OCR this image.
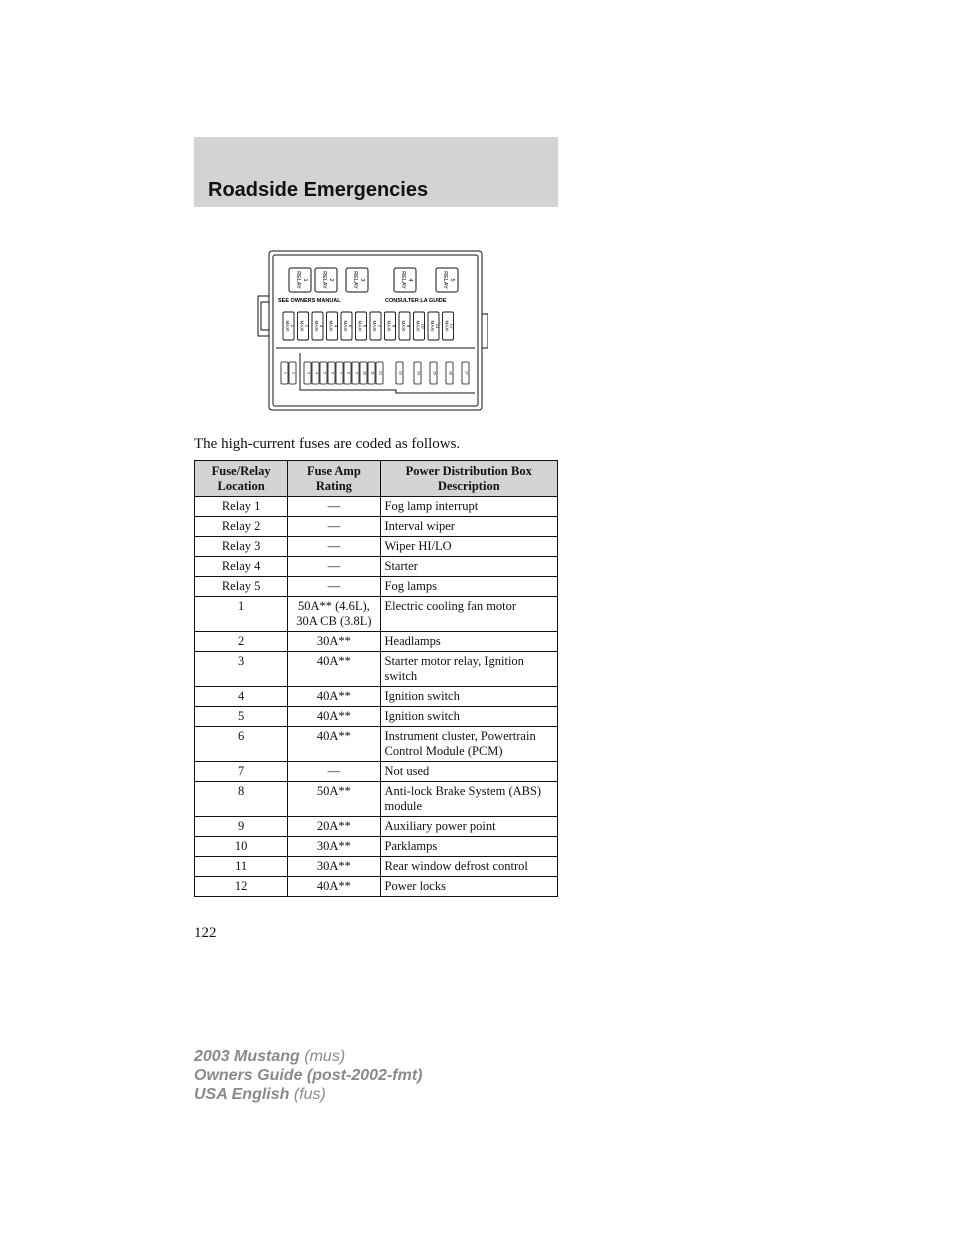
Roadside Emergencies
1
RELAY	2
RELAY	3
RELAY	4
RELAY	5
RELAY
SEE OWNERS MANUAL	CONSULTER LA GUIDE
1
MAXI	2
MAXI	3
MAXI	4
MAXI	5
MAXI	6
MAXI	7
MAXI	8
MAXI	9
MAXI	10
MAXI	11
MAXI	12
MAXI
1 2	3 4 5 6 7 8 9 10 11 12	13	14	15	16	17

The high-current fuses are coded as follows.

Fuse/Relay Location	Fuse Amp Rating	Power Distribution Box Description
Relay 1	—	Fog lamp interrupt
Relay 2	—	Interval wiper
Relay 3	—	Wiper HI/LO
Relay 4	—	Starter
Relay 5	—	Fog lamps
1	50A** (4.6L), 30A CB (3.8L)	Electric cooling fan motor
2	30A**	Headlamps
3	40A**	Starter motor relay, Ignition switch
4	40A**	Ignition switch
5	40A**	Ignition switch
6	40A**	Instrument cluster, Powertrain Control Module (PCM)
7	—	Not used
8	50A**	Anti-lock Brake System (ABS) module
9	20A**	Auxiliary power point
10	30A**	Parklamps
11	30A**	Rear window defrost control
12	40A**	Power locks
122
2003 Mustang (mus)
Owners Guide (post-2002-fmt)
USA English (fus)
